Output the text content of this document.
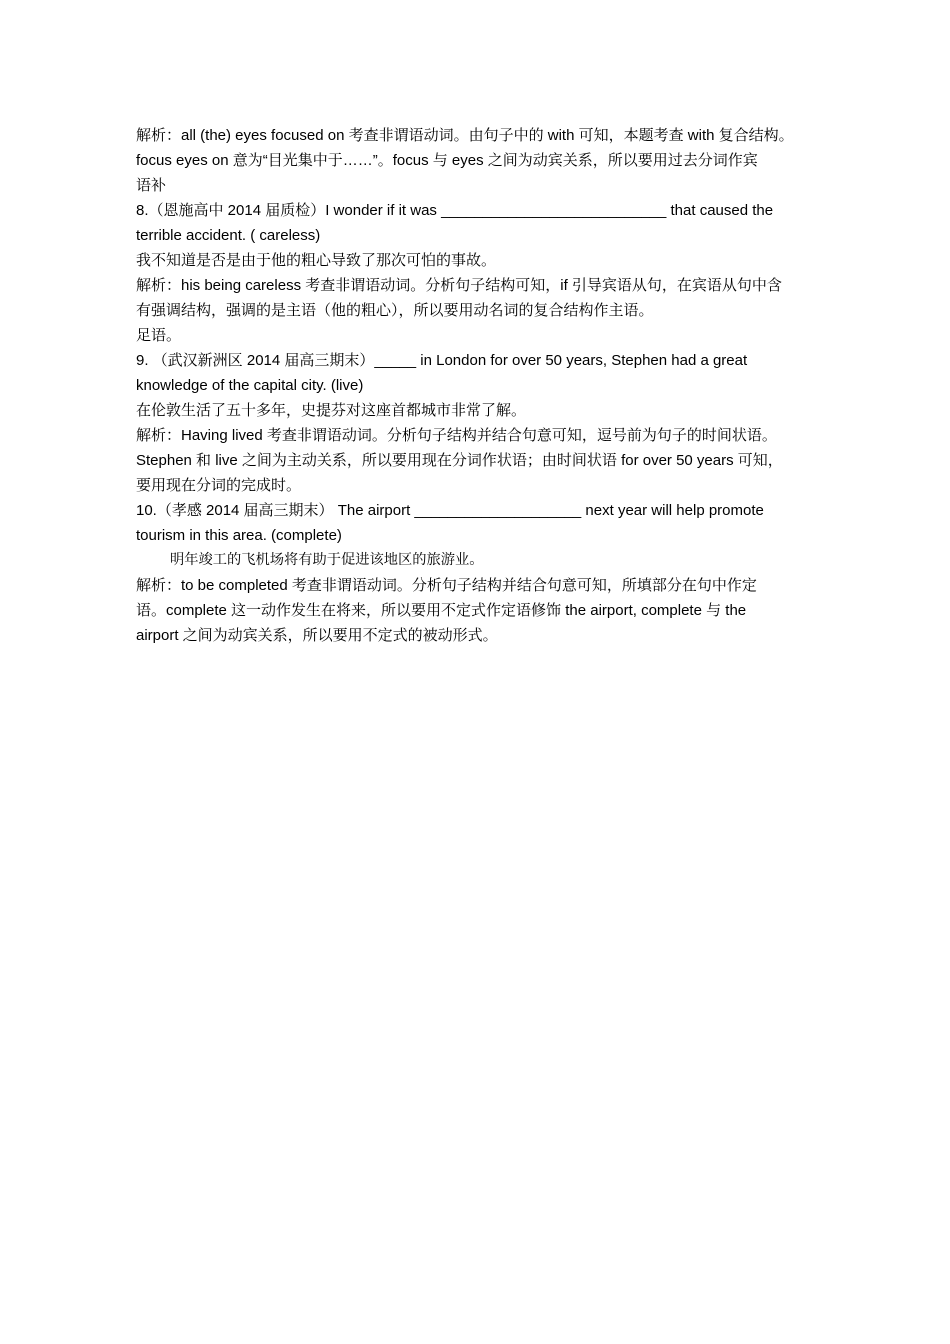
解析：all (the) eyes focused on 考查非谓语动词。由句子中的 with 可知，本题考查 with 复合结构。
focus eyes on 意为“目光集中于……”。focus 与 eyes 之间为动宾关系，所以要用过去分词作宾
语补
8.（恩施高中 2014 届质检）I wonder if it was ___________________________ that caused the
terrible accident. ( careless)
我不知道是否是由于他的粗心导致了那次可怕的事故。
解析：his being careless 考查非谓语动词。分析句子结构可知，if 引导宾语从句，在宾语从句中含
有强调结构，强调的是主语（他的粗心），所以要用动名词的复合结构作主语。
足语。
9. （武汉新洲区 2014 届高三期末）_____ in London for over 50 years, Stephen had a great
knowledge of the capital city. (live)
在伦敦生活了五十多年，史提芬对这座首都城市非常了解。
解析：Having lived 考查非谓语动词。分析句子结构并结合句意可知，逗号前为句子的时间状语。
Stephen 和 live 之间为主动关系，所以要用现在分词作状语；由时间状语 for over 50 years 可知，
要用现在分词的完成时。
10.（孝感 2014 届高三期末） The airport ____________________ next year will help promote
tourism in this area. (complete)
明年竣工的飞机场将有助于促进该地区的旅游业。
解析：to be completed 考查非谓语动词。分析句子结构并结合句意可知，所填部分在句中作定
语。complete 这一动作发生在将来，所以要用不定式作定语修饰 the airport, complete 与 the
airport 之间为动宾关系，所以要用不定式的被动形式。
